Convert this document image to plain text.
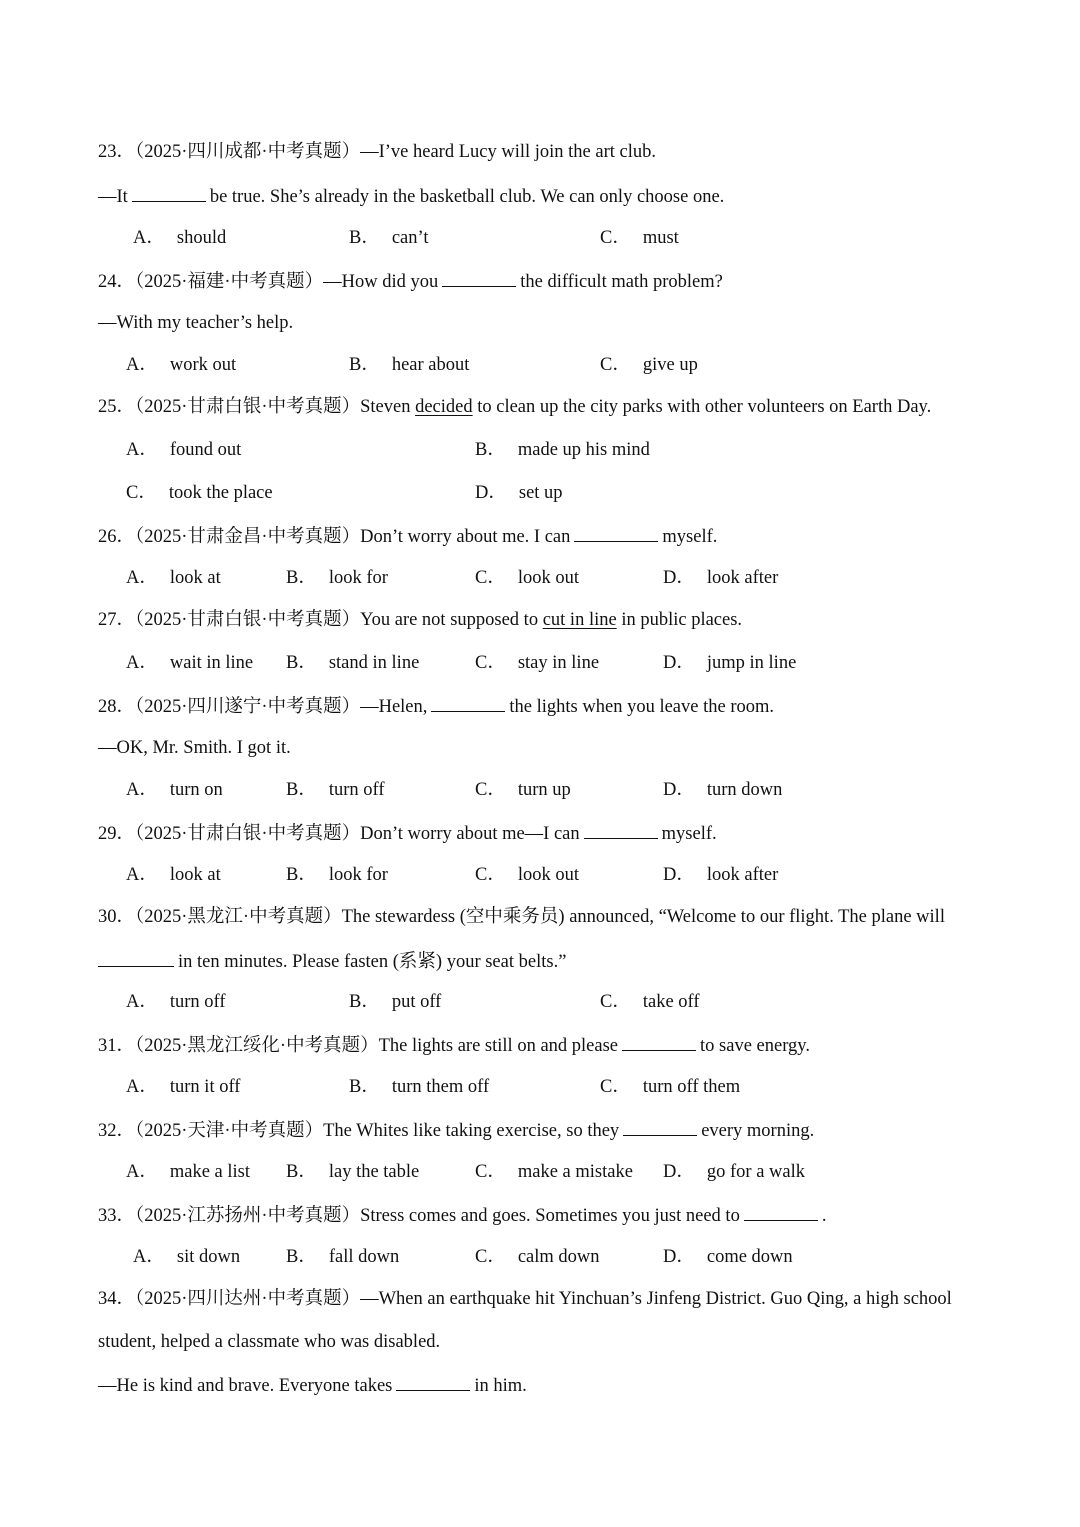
23．（2025·四川成都·中考真题）—I’ve heard Lucy will join the art club.
—It	be true. She’s already in the basketball club. We can only choose one.
A． should	B． can’t	C． must
24．（2025·福建·中考真题）—How did you	the difficult math problem?
—With my teacher’s help.
A． work out	B． hear about	C． give up
25．（2025·甘肃白银·中考真题）Steven decided to clean up the city parks with other volunteers on Earth Day.
A． found out	B． made up his mind
C． took the place	D． set up
26．（2025·甘肃金昌·中考真题）Don’t worry about me. I can	myself.
A． look at	B． look for	C． look out	D． look after
27．（2025·甘肃白银·中考真题）You are not supposed to cut in line in public places.
A． wait in line B． stand in line	C． stay in line	D． jump in line
28．（2025·四川遂宁·中考真题）—Helen,	the lights when you leave the room.
—OK, Mr. Smith. I got it.
A． turn on	B． turn off	C． turn up	D． turn down
29．（2025·甘肃白银·中考真题）Don’t worry about me—I can	myself.
A． look at	B． look for	C． look out	D． look after
30．（2025·黑龙江·中考真题）The stewardess (空中乘务员) announced, “Welcome to our flight. The plane will
in ten minutes. Please fasten (系紧) your seat belts.”
A． turn off	B． put off	C． take off
31．（2025·黑龙江绥化·中考真题）The lights are still on and please	to save energy.
A． turn it off	B． turn them off	C． turn off them
32．（2025·天津·中考真题）The Whites like taking exercise, so they	every morning.
A． make a list B． lay the table	C． make a mistake D． go for a walk
33．（2025·江苏扬州·中考真题）Stress comes and goes. Sometimes you just need to	.
A． sit down B． fall down	C． calm down	D． come down
34．（2025·四川达州·中考真题）—When an earthquake hit Yinchuan’s Jinfeng District. Guo Qing, a high school
student, helped a classmate who was disabled.
—He is kind and brave. Everyone takes	in him.
